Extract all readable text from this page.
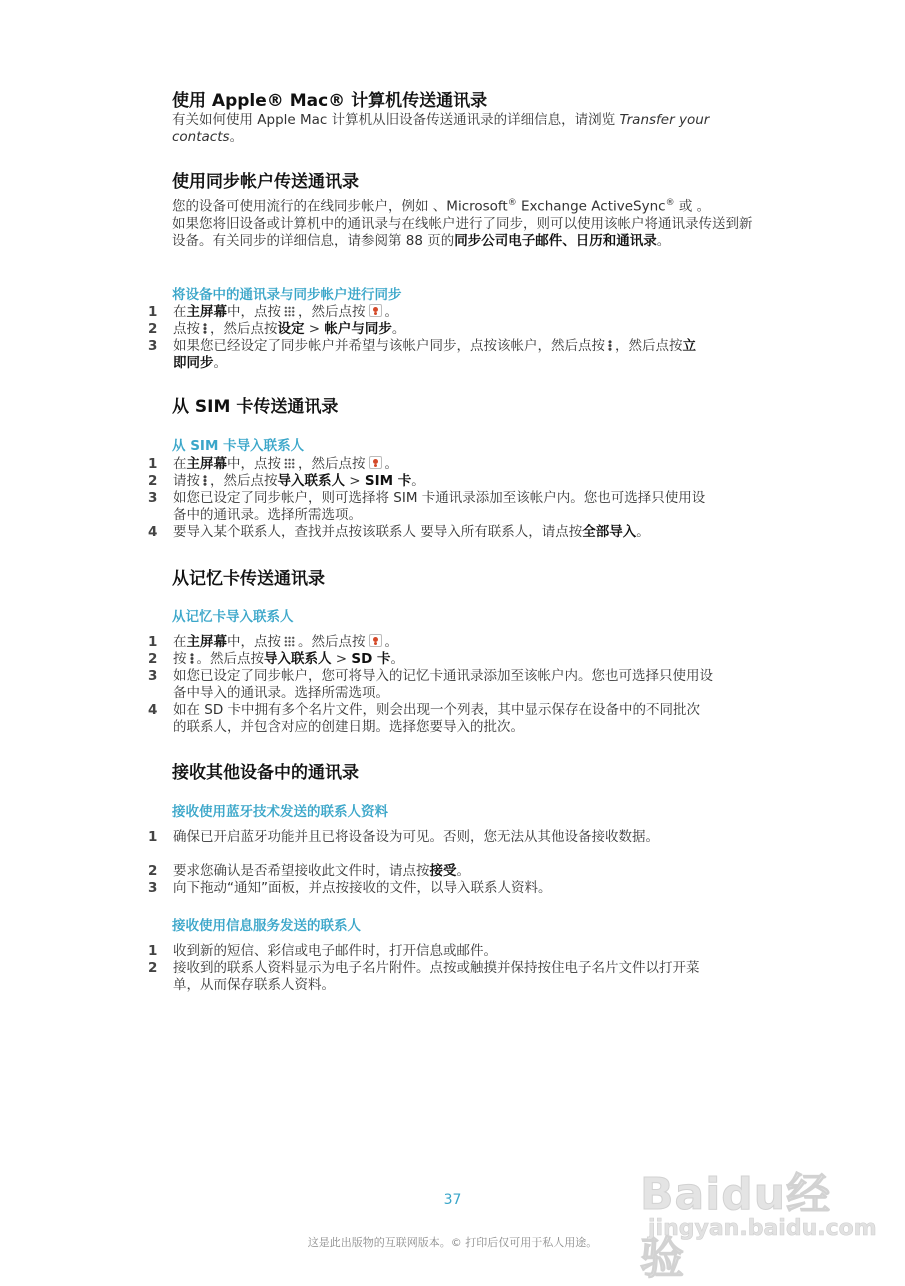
使用 Apple® Mac® 计算机传送通讯录

有关如何使用 Apple Mac 计算机从旧设备传送通讯录的详细信息，请浏览 Transfer your contacts。

使用同步帐户传送通讯录

您的设备可使用流行的在线同步帐户，例如 、Microsoft® Exchange ActiveSync® 或 。
如果您将旧设备或计算机中的通讯录与在线帐户进行了同步，则可以使用该帐户将通讯录传送到新设备。有关同步的详细信息，请参阅第 88 页的同步公司电子邮件、日历和通讯录。

将设备中的通讯录与同步帐户进行同步
1	在主屏幕中，点按 ，然后点按 。
2	点按 ，然后点按设定 > 帐户与同步。
3	如果您已经设定了同步帐户并希望与该帐户同步，点按该帐户，然后点按 ，然后点按立即同步。
从 SIM 卡传送通讯录
从 SIM 卡导入联系人
1	在主屏幕中，点按 ，然后点按 。
2	请按 ，然后点按导入联系人 > SIM 卡。
3	如您已设定了同步帐户，则可选择将 SIM 卡通讯录添加至该帐户内。您也可选择只使用设备中的通讯录。选择所需选项。
4	要导入某个联系人，查找并点按该联系人 要导入所有联系人，请点按全部导入。
从记忆卡传送通讯录
从记忆卡导入联系人
1	在主屏幕中，点按 。然后点按 。
2	按 。然后点按导入联系人 > SD 卡。
3	如您已设定了同步帐户，您可将导入的记忆卡通讯录添加至该帐户内。您也可选择只使用设备中导入的通讯录。选择所需选项。
4	如在 SD 卡中拥有多个名片文件，则会出现一个列表，其中显示保存在设备中的不同批次的联系人，并包含对应的创建日期。选择您要导入的批次。
接收其他设备中的通讯录
接收使用蓝牙技术发送的联系人资料
1	确保已开启蓝牙功能并且已将设备设为可见。否则，您无法从其他设备接收数据。
2	要求您确认是否希望接收此文件时，请点按接受。
3	向下拖动“通知”面板，并点按接收的文件，以导入联系人资料。
接收使用信息服务发送的联系人
1	收到新的短信、彩信或电子邮件时，打开信息或邮件。
2	接收到的联系人资料显示为电子名片附件。点按或触摸并保持按住电子名片文件以打开菜单，从而保存联系人资料。
37
这是此出版物的互联网版本。© 打印后仅可用于私人用途。
Baidu经验
jingyan.baidu.com
